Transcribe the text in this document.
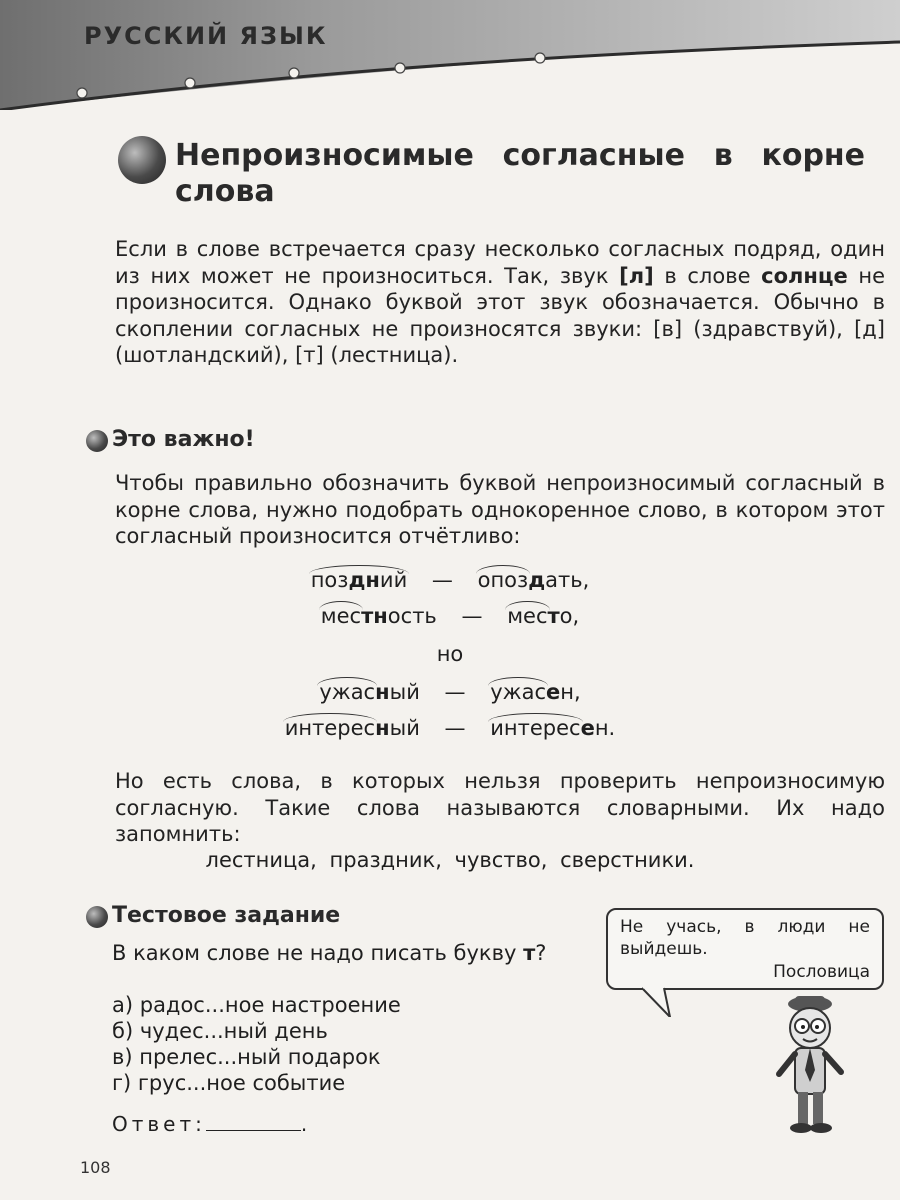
РУССКИЙ ЯЗЫК
Непроизносимые согласные в корне слова
Если в слове встречается сразу несколько согласных подряд, один из них может не произноситься. Так, звук [л] в слове солнце не произносится. Однако буквой этот звук обозначается. Обычно в скоплении согласных не произносятся звуки: [в] (здравствуй), [д] (шотландский), [т] (лестница).
Это важно!
Чтобы правильно обозначить буквой непроизносимый согласный в корне слова, нужно подобрать однокоренное слово, в котором этот согласный произносится отчётливо:
поздний — опоздать,
местность — место,
но
ужасный — ужасен,
интересный — интересен.
Но есть слова, в которых нельзя проверить непроизносимую согласную. Такие слова называются словарными. Их надо запомнить:
лестница, праздник, чувство, сверстники.
Тестовое задание
В каком слове не надо писать букву т?
а) радос...ное настроение
б) чудес...ный день
в) прелес...ный подарок
г) грус...ное событие
Ответ:	.
Не учась, в люди не выйдешь.
Пословица
108
